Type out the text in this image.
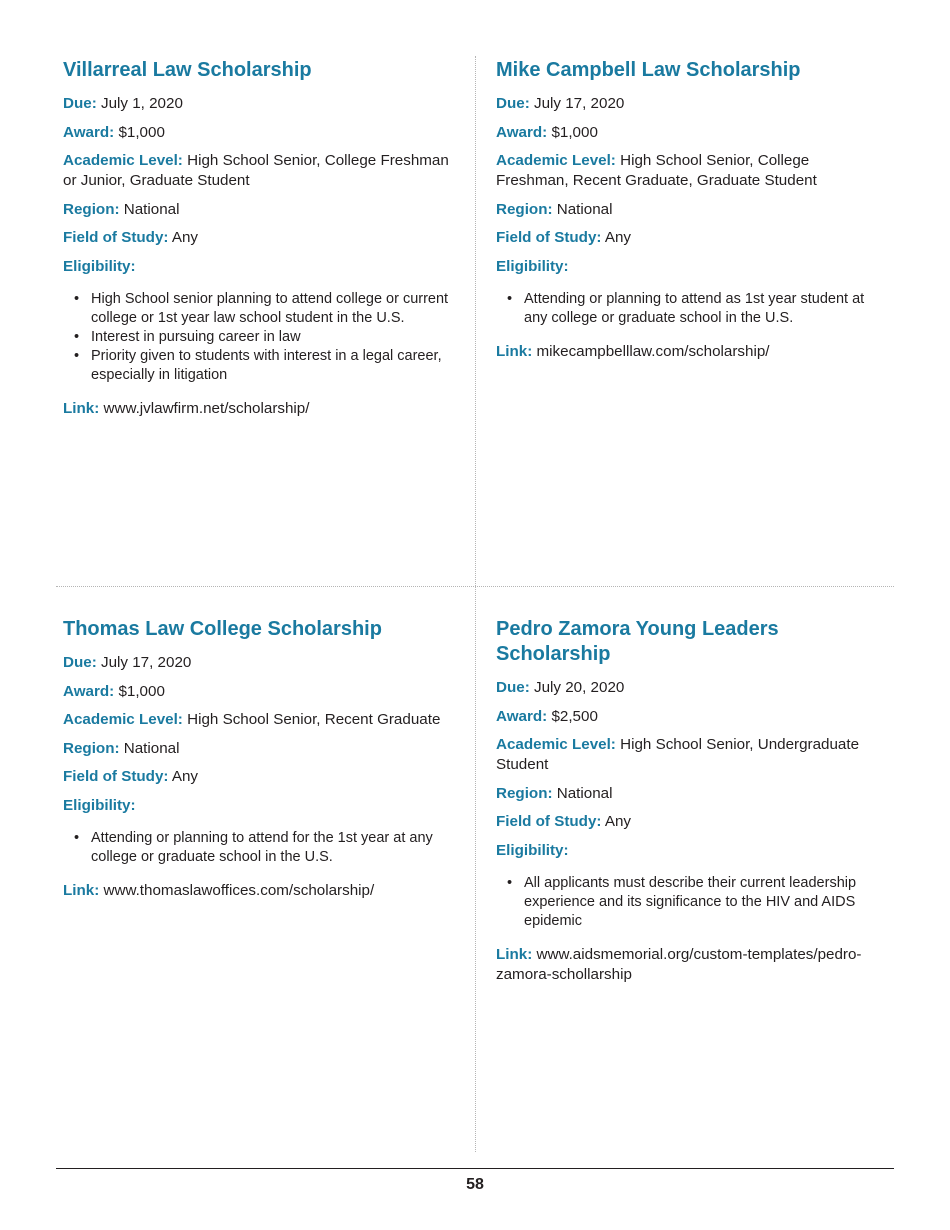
Villarreal Law Scholarship
Due: July 1, 2020
Award: $1,000
Academic Level: High School Senior, College Freshman or Junior, Graduate Student
Region: National
Field of Study: Any
Eligibility:
• High School senior planning to attend college or current college or 1st year law school student in the U.S.
• Interest in pursuing career in law
• Priority given to students with interest in a legal career, especially in litigation
Link: www.jvlawfirm.net/scholarship/
Mike Campbell Law Scholarship
Due: July 17, 2020
Award: $1,000
Academic Level: High School Senior, College Freshman, Recent Graduate, Graduate Student
Region: National
Field of Study: Any
Eligibility:
• Attending or planning to attend as 1st year student at any college or graduate school in the U.S.
Link: mikecampbelllaw.com/scholarship/
Thomas Law College Scholarship
Due: July 17, 2020
Award: $1,000
Academic Level: High School Senior, Recent Graduate
Region: National
Field of Study: Any
Eligibility:
• Attending or planning to attend for the 1st year at any college or graduate school in the U.S.
Link: www.thomaslawoffices.com/scholarship/
Pedro Zamora Young Leaders Scholarship
Due: July 20, 2020
Award: $2,500
Academic Level: High School Senior, Undergraduate Student
Region: National
Field of Study: Any
Eligibility:
• All applicants must describe their current leadership experience and its significance to the HIV and AIDS epidemic
Link: www.aidsmemorial.org/custom-templates/pedro-zamora-schollarship
58
